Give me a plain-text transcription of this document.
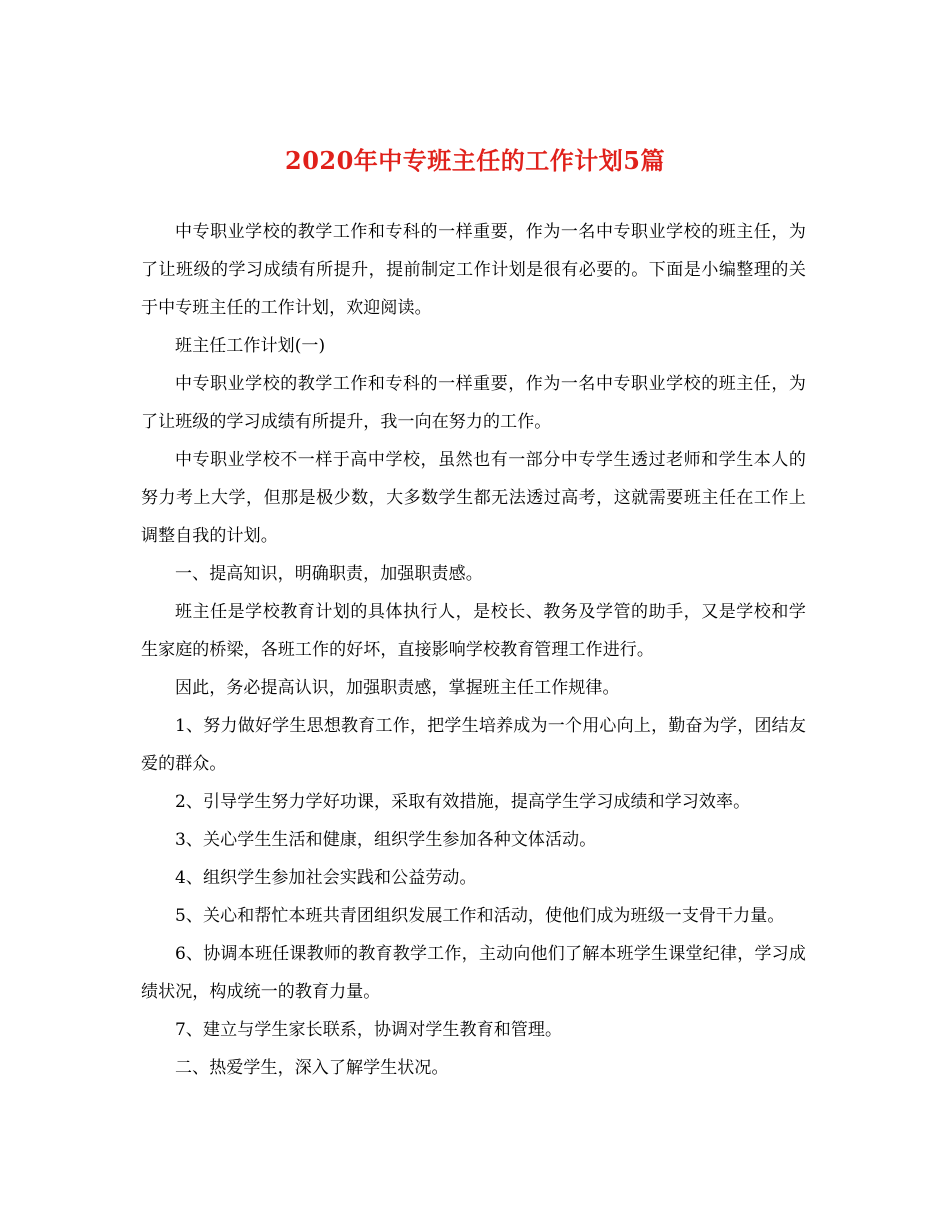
2020年中专班主任的工作计划5篇

中专职业学校的教学工作和专科的一样重要，作为一名中专职业学校的班主任，为了让班级的学习成绩有所提升，提前制定工作计划是很有必要的。下面是小编整理的关于中专班主任的工作计划，欢迎阅读。

班主任工作计划(一)

中专职业学校的教学工作和专科的一样重要，作为一名中专职业学校的班主任，为了让班级的学习成绩有所提升，我一向在努力的工作。

中专职业学校不一样于高中学校，虽然也有一部分中专学生透过老师和学生本人的努力考上大学，但那是极少数，大多数学生都无法透过高考，这就需要班主任在工作上调整自我的计划。

一、提高知识，明确职责，加强职责感。

班主任是学校教育计划的具体执行人，是校长、教务及学管的助手，又是学校和学生家庭的桥梁，各班工作的好坏，直接影响学校教育管理工作进行。

因此，务必提高认识，加强职责感，掌握班主任工作规律。

1、努力做好学生思想教育工作，把学生培养成为一个用心向上，勤奋为学，团结友爱的群众。

2、引导学生努力学好功课，采取有效措施，提高学生学习成绩和学习效率。

3、关心学生生活和健康，组织学生参加各种文体活动。

4、组织学生参加社会实践和公益劳动。

5、关心和帮忙本班共青团组织发展工作和活动，使他们成为班级一支骨干力量。

6、协调本班任课教师的教育教学工作，主动向他们了解本班学生课堂纪律，学习成绩状况，构成统一的教育力量。

7、建立与学生家长联系，协调对学生教育和管理。

二、热爱学生，深入了解学生状况。
